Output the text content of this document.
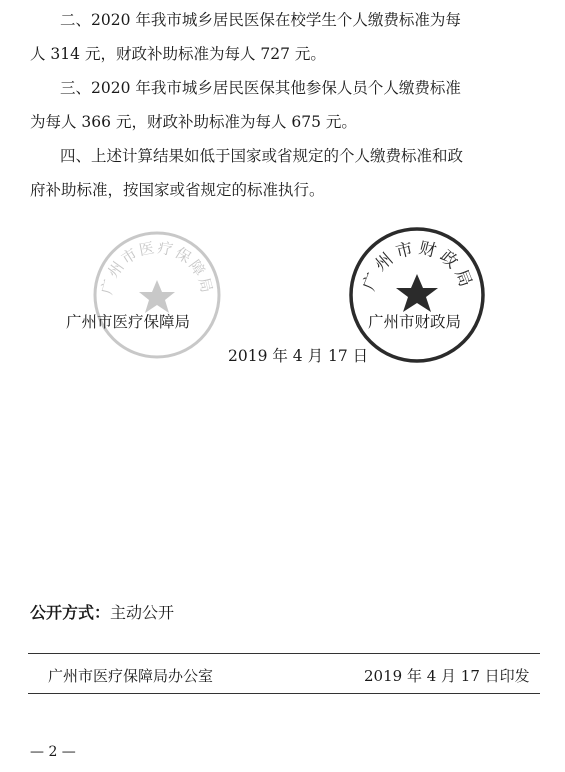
二、2020 年我市城乡居民医保在校学生个人缴费标准为每
人 314 元，财政补助标准为每人 727 元。
三、2020 年我市城乡居民医保其他参保人员个人缴费标准
为每人 366 元，财政补助标准为每人 675 元。
四、上述计算结果如低于国家或省规定的个人缴费标准和政
府补助标准，按国家或省规定的标准执行。
广州市医疗保障局	广州市财政局
广州市医疗保障局	广州市财政局
2019 年 4 月 17 日
公开方式：主动公开
广州市医疗保障局办公室	2019 年 4 月 17 日印发
— 2 —
